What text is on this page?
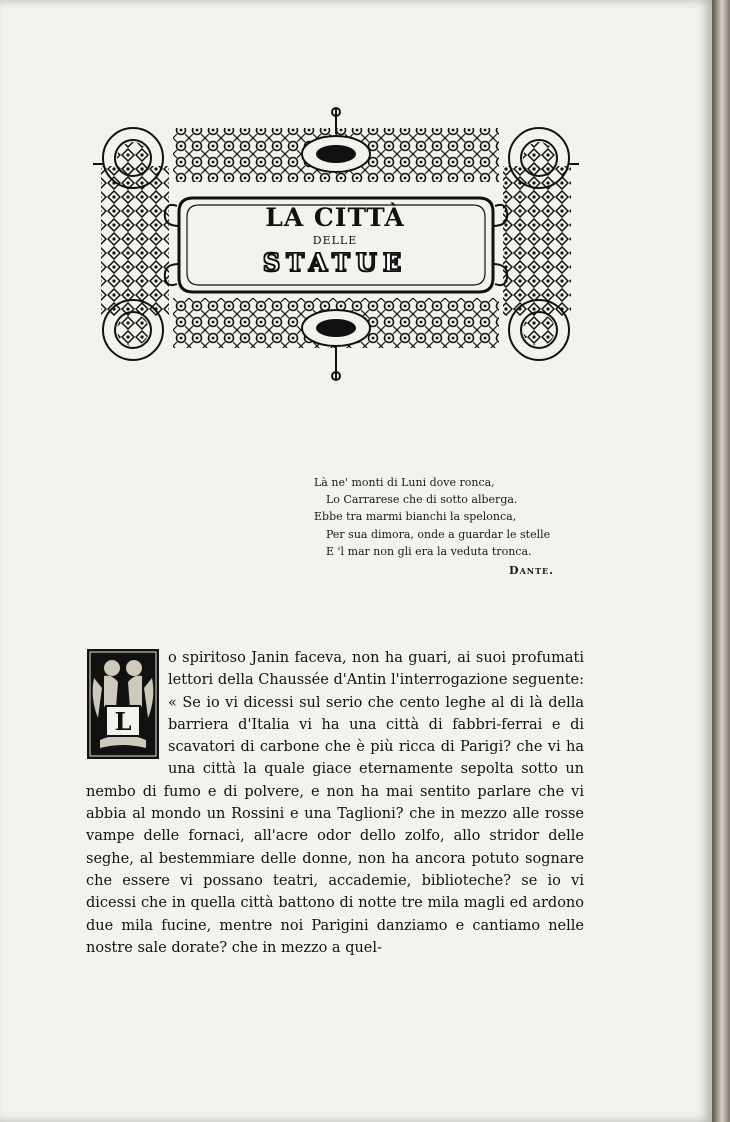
LA CITTÀ
DELLE
STATUE
Là ne' monti di Luni dove ronca,
Lo Carrarese che di sotto alberga.
Ebbe tra marmi bianchi la spelonca,
Per sua dimora, onde a guardar le stelle
E 'l mar non gli era la veduta tronca.
Dante.
L
o spiritoso Janin faceva, non ha guari, ai suoi profumati lettori della Chaussée d'Antin l'interrogazione seguente: « Se io vi dicessi sul serio che cento leghe al di là della barriera d'Italia vi ha una città di fabbri-ferrai e di scavatori di carbone che è più ricca di Parigi? che vi ha una città la quale giace eternamente sepolta sotto un nembo di fumo e di polvere, e non ha mai sentito parlare che vi abbia al mondo un Rossini e una Taglioni? che in mezzo alle rosse vampe delle fornaci, all'acre odor dello zolfo, allo stridor delle seghe, al bestemmiare delle donne, non ha ancora potuto sognare che essere vi possano teatri, accademie, biblioteche? se io vi dicessi che in quella città battono di notte tre mila magli ed ardono due mila fucine, mentre noi Parigini danziamo e cantiamo nelle nostre sale dorate? che in mezzo a quel-
